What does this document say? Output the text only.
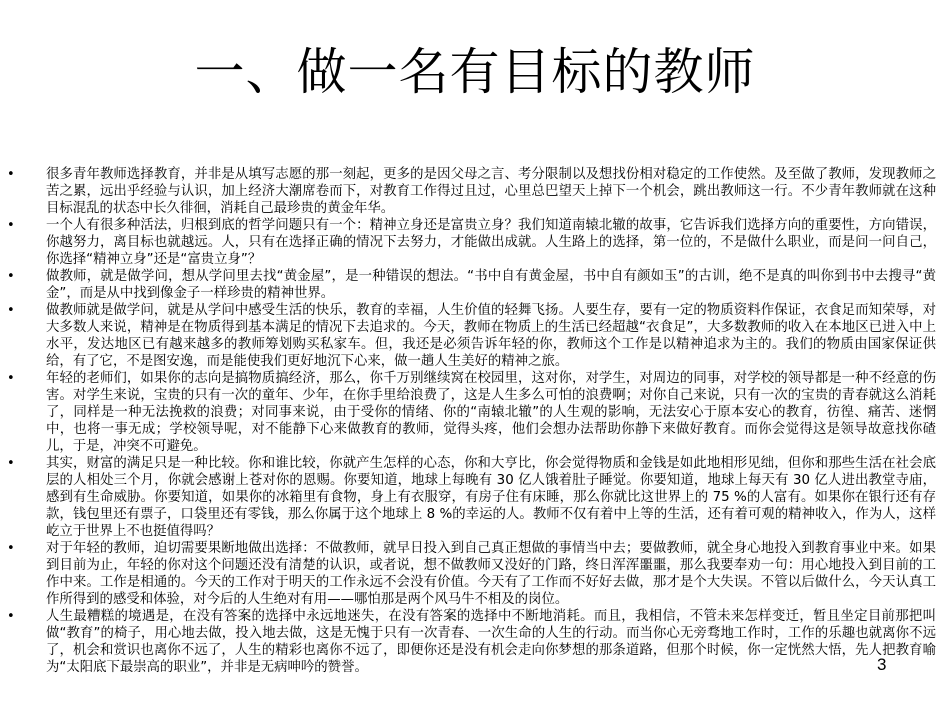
一、做一名有目标的教师
• 很多青年教师选择教育，并非是从填写志愿的那一刻起，更多的是因父母之言、考分限制以及想找份相对稳定的工作使然。及至做了教师，发现教师之苦之累，远出乎经验与认识，加上经济大潮席卷而下，对教育工作得过且过，心里总巴望天上掉下一个机会，跳出教师这一行。不少青年教师就在这种目标混乱的状态中长久徘徊，消耗自己最珍贵的黄金年华。
• 一个人有很多种活法，归根到底的哲学问题只有一个：精神立身还是富贵立身？我们知道南辕北辙的故事，它告诉我们选择方向的重要性，方向错误，你越努力，离目标也就越远。人，只有在选择正确的情况下去努力，才能做出成就。人生路上的选择，第一位的，不是做什么职业，而是问一问自己，你选择“精神立身”还是“富贵立身”？
• 做教师，就是做学问，想从学问里去找“黄金屋”，是一种错误的想法。“书中自有黄金屋，书中自有颜如玉”的古训，绝不是真的叫你到书中去搜寻“黄金”，而是从中找到像金子一样珍贵的精神世界。
• 做教师就是做学问，就是从学问中感受生活的快乐，教育的幸福，人生价值的轻舞飞扬。人要生存，要有一定的物质资料作保证，衣食足而知荣辱，对大多数人来说，精神是在物质得到基本满足的情况下去追求的。今天，教师在物质上的生活已经超越“衣食足”，大多数教师的收入在本地区已进入中上水平，发达地区已有越来越多的教师筹划购买私家车。但，我还是必须告诉年轻的你，教师这个工作是以精神追求为主的。我们的物质由国家保证供给，有了它，不是图安逸，而是能使我们更好地沉下心来，做一趟人生美好的精神之旅。
• 年轻的老师们，如果你的志向是搞物质搞经济，那么，你千万别继续窝在校园里，这对你，对学生，对周边的同事，对学校的领导都是一种不经意的伤害。对学生来说，宝贵的只有一次的童年、少年，在你手里给浪费了，这是人生多么可怕的浪费啊；对你自己来说，只有一次的宝贵的青春就这么消耗了，同样是一种无法挽救的浪费；对同事来说，由于受你的情绪、你的“南辕北辙”的人生观的影响，无法安心于原本安心的教育，彷徨、痛苦、迷惘中，也将一事无成；学校领导呢，对不能静下心来做教育的教师，觉得头疼，他们会想办法帮助你静下来做好教育。而你会觉得这是领导故意找你碴儿，于是，冲突不可避免。
• 其实，财富的满足只是一种比较。你和谁比较，你就产生怎样的心态，你和大亨比，你会觉得物质和金钱是如此地相形见绌，但你和那些生活在社会底层的人相处三个月，你就会感谢上苍对你的恩赐。你要知道，地球上每晚有 30 亿人饿着肚子睡觉。你要知道，地球上每天有 30 亿人进出教堂寺庙，感到有生命威胁。你要知道，如果你的冰箱里有食物，身上有衣服穿，有房子住有床睡，那么你就比这世界上的 75 %的人富有。如果你在银行还有存款，钱包里还有票子，口袋里还有零钱，那么你属于这个地球上 8 %的幸运的人。教师不仅有着中上等的生活，还有着可观的精神收入，作为人，这样屹立于世界上不也挺值得吗？
• 对于年轻的教师，迫切需要果断地做出选择：不做教师，就早日投入到自己真正想做的事情当中去；要做教师，就全身心地投入到教育事业中来。如果到目前为止，年轻的你对这个问题还没有清楚的认识，或者说，想不做教师又没好的门路，终日浑浑噩噩，那么我要奉劝一句：用心地投入到目前的工作中来。工作是相通的。今天的工作对于明天的工作永远不会没有价值。今天有了工作而不好好去做，那才是个大失误。不管以后做什么，今天认真工作所得到的感受和体验，对今后的人生绝对有用——哪怕那是两个风马牛不相及的岗位。
• 人生最糟糕的境遇是，在没有答案的选择中永远地迷失，在没有答案的选择中不断地消耗。而且，我相信，不管未来怎样变迁，暂且坐定目前那把叫做“教育”的椅子，用心地去做，投入地去做，这是无愧于只有一次青春、一次生命的人生的行动。而当你心无旁骛地工作时，工作的乐趣也就离你不远了，机会和赏识也离你不远了，人生的精彩也离你不远了，即便你还是没有机会走向你梦想的那条道路，但那个时候，你一定恍然大悟，先人把教育喻为“太阳底下最崇高的职业”，并非是无病呻吟的赞誉。	3
